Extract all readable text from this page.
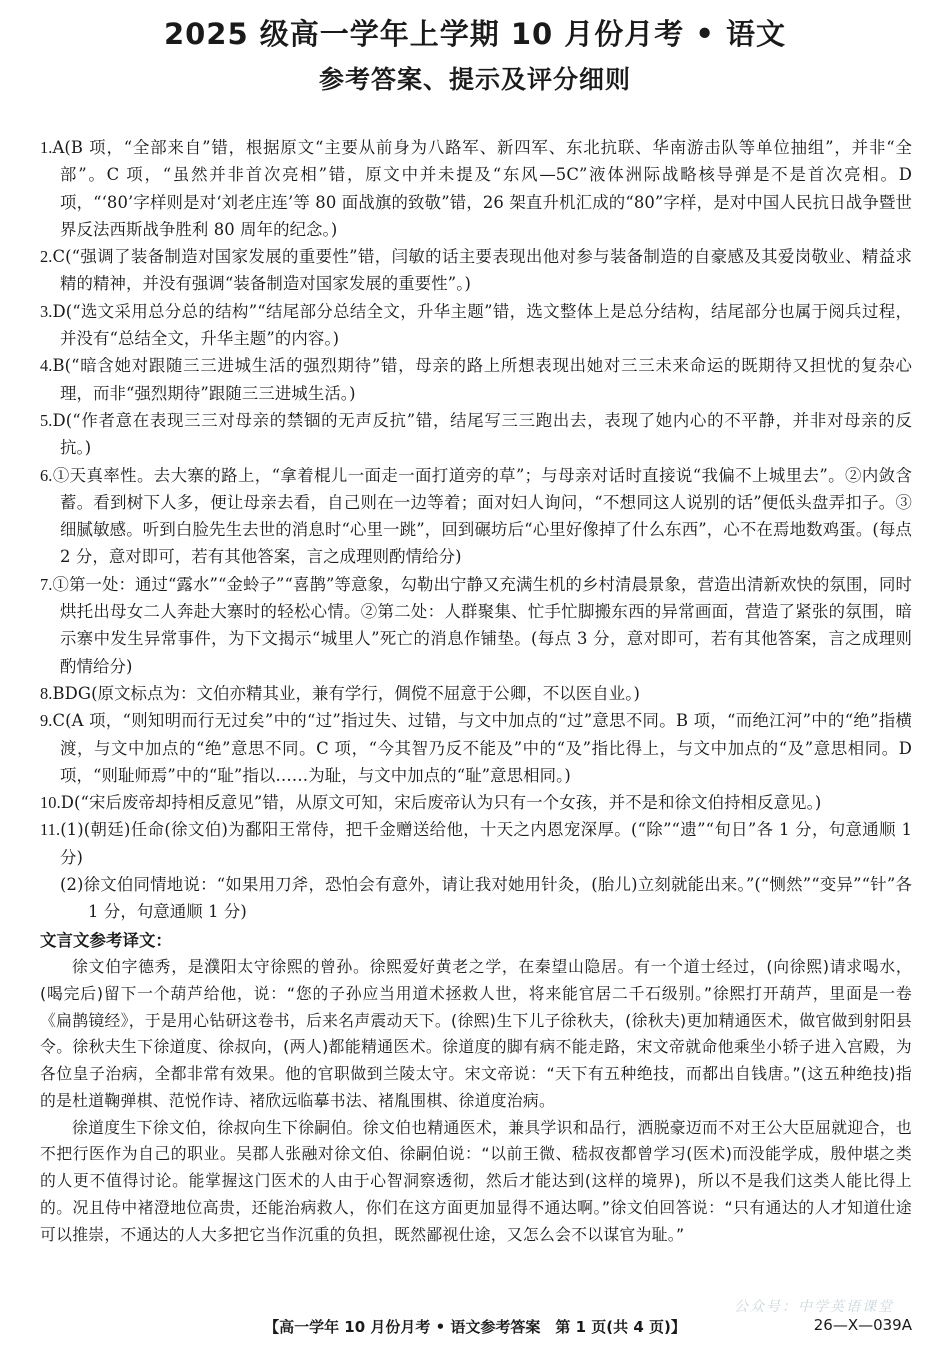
2025 级高一学年上学期 10 月份月考 • 语文
参考答案、提示及评分细则
1.A(B 项，“全部来自”错，根据原文“主要从前身为八路军、新四军、东北抗联、华南游击队等单位抽组”，并非“全部”。C 项，“虽然并非首次亮相”错，原文中并未提及“东风—5C”液体洲际战略核导弹是不是首次亮相。D 项，“‘80’字样则是对‘刘老庄连’等 80 面战旗的致敬”错，26 架直升机汇成的“80”字样，是对中国人民抗日战争暨世界反法西斯战争胜利 80 周年的纪念。)
2.C(“强调了装备制造对国家发展的重要性”错，闫敏的话主要表现出他对参与装备制造的自豪感及其爱岗敬业、精益求精的精神，并没有强调“装备制造对国家发展的重要性”。)
3.D(“选文采用总分总的结构”“结尾部分总结全文，升华主题”错，选文整体上是总分结构，结尾部分也属于阅兵过程，并没有“总结全文，升华主题”的内容。)
4.B(“暗含她对跟随三三进城生活的强烈期待”错，母亲的路上所想表现出她对三三未来命运的既期待又担忧的复杂心理，而非“强烈期待”跟随三三进城生活。)
5.D(“作者意在表现三三对母亲的禁锢的无声反抗”错，结尾写三三跑出去，表现了她内心的不平静，并非对母亲的反抗。)
6.①天真率性。去大寨的路上，“拿着棍儿一面走一面打道旁的草”；与母亲对话时直接说“我偏不上城里去”。②内敛含蓄。看到树下人多，便让母亲去看，自己则在一边等着；面对妇人询问，“不想同这人说别的话”便低头盘弄扣子。③细腻敏感。听到白脸先生去世的消息时“心里一跳”，回到碾坊后“心里好像掉了什么东西”，心不在焉地数鸡蛋。(每点 2 分，意对即可，若有其他答案，言之成理则酌情给分)
7.①第一处：通过“露水”“金蛉子”“喜鹊”等意象，勾勒出宁静又充满生机的乡村清晨景象，营造出清新欢快的氛围，同时烘托出母女二人奔赴大寨时的轻松心情。②第二处：人群聚集、忙手忙脚搬东西的异常画面，营造了紧张的氛围，暗示寨中发生异常事件，为下文揭示“城里人”死亡的消息作铺垫。(每点 3 分，意对即可，若有其他答案，言之成理则酌情给分)
8.BDG(原文标点为：文伯亦精其业，兼有学行，倜傥不屈意于公卿，不以医自业。)
9.C(A 项，“则知明而行无过矣”中的“过”指过失、过错，与文中加点的“过”意思不同。B 项，“而绝江河”中的“绝”指横渡，与文中加点的“绝”意思不同。C 项，“今其智乃反不能及”中的“及”指比得上，与文中加点的“及”意思相同。D 项，“则耻师焉”中的“耻”指以……为耻，与文中加点的“耻”意思相同。)
10.D(“宋后废帝却持相反意见”错，从原文可知，宋后废帝认为只有一个女孩，并不是和徐文伯持相反意见。)
11.(1)(朝廷)任命(徐文伯)为鄱阳王常侍，把千金赠送给他，十天之内恩宠深厚。(“除”“遗”“旬日”各 1 分，句意通顺 1 分)
(2)徐文伯同情地说：“如果用刀斧，恐怕会有意外，请让我对她用针灸，(胎儿)立刻就能出来。”(“恻然”“变异”“针”各 1 分，句意通顺 1 分)
文言文参考译文：
徐文伯字德秀，是濮阳太守徐熙的曾孙。徐熙爱好黄老之学，在秦望山隐居。有一个道士经过，(向徐熙)请求喝水，(喝完后)留下一个葫芦给他，说：“您的子孙应当用道术拯救人世，将来能官居二千石级别。”徐熙打开葫芦，里面是一卷《扁鹊镜经》，于是用心钻研这卷书，后来名声震动天下。(徐熙)生下儿子徐秋夫，(徐秋夫)更加精通医术，做官做到射阳县令。徐秋夫生下徐道度、徐叔向，(两人)都能精通医术。徐道度的脚有病不能走路，宋文帝就命他乘坐小轿子进入宫殿，为各位皇子治病，全都非常有效果。他的官职做到兰陵太守。宋文帝说：“天下有五种绝技，而都出自钱唐。”(这五种绝技)指的是杜道鞠弹棋、范悦作诗、褚欣远临摹书法、褚胤围棋、徐道度治病。
徐道度生下徐文伯，徐叔向生下徐嗣伯。徐文伯也精通医术，兼具学识和品行，洒脱豪迈而不对王公大臣屈就迎合，也不把行医作为自己的职业。吴郡人张融对徐文伯、徐嗣伯说：“以前王微、嵇叔夜都曾学习(医术)而没能学成，殷仲堪之类的人更不值得讨论。能掌握这门医术的人由于心智洞察透彻，然后才能达到(这样的境界)，所以不是我们这类人能比得上的。况且侍中褚澄地位高贵，还能治病救人，你们在这方面更加显得不通达啊。”徐文伯回答说：“只有通达的人才知道仕途可以推崇，不通达的人大多把它当作沉重的负担，既然鄙视仕途，又怎么会不以谋官为耻。”
公众号：中学英语课堂
【高一学年 10 月份月考 • 语文参考答案　第 1 页(共 4 页)】	26—X—039A
